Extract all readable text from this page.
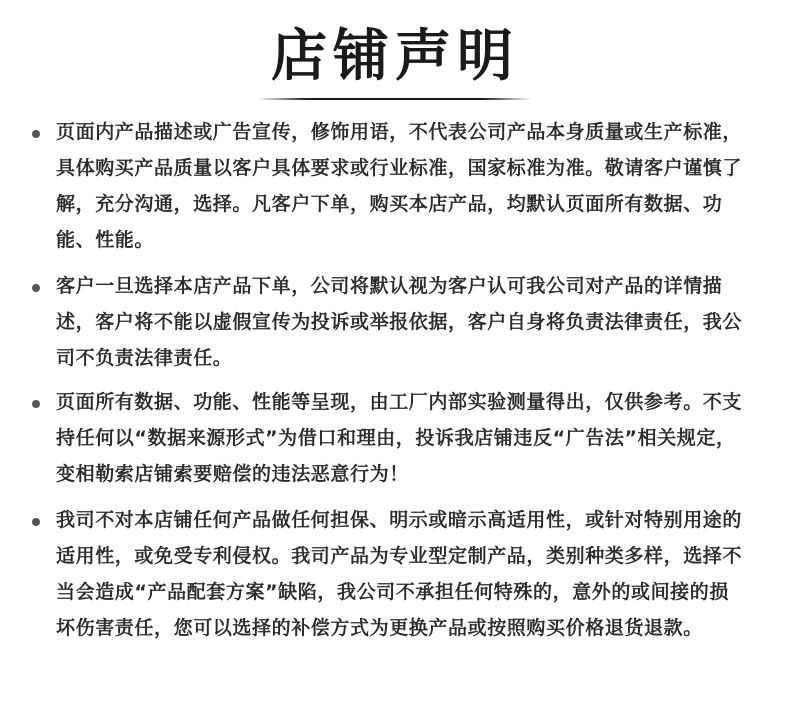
店铺声明

页面内产品描述或广告宣传，修饰用语，不代表公司产品本身质量或生产标准，具体购买产品质量以客户具体要求或行业标准，国家标准为准。敬请客户谨慎了解，充分沟通，选择。凡客户下单，购买本店产品，均默认页面所有数据、功能、性能。

客户一旦选择本店产品下单，公司将默认视为客户认可我公司对产品的详情描述，客户将不能以虚假宣传为投诉或举报依据，客户自身将负责法律责任，我公司不负责法律责任。

页面所有数据、功能、性能等呈现，由工厂内部实验测量得出，仅供参考。不支持任何以“数据来源形式”为借口和理由，投诉我店铺违反“广告法”相关规定，变相勒索店铺索要赔偿的违法恶意行为！

我司不对本店铺任何产品做任何担保、明示或暗示高适用性，或针对特别用途的适用性，或免受专利侵权。我司产品为专业型定制产品，类别种类多样，选择不当会造成“产品配套方案”缺陷，我公司不承担任何特殊的，意外的或间接的损坏伤害责任，您可以选择的补偿方式为更换产品或按照购买价格退货退款。
